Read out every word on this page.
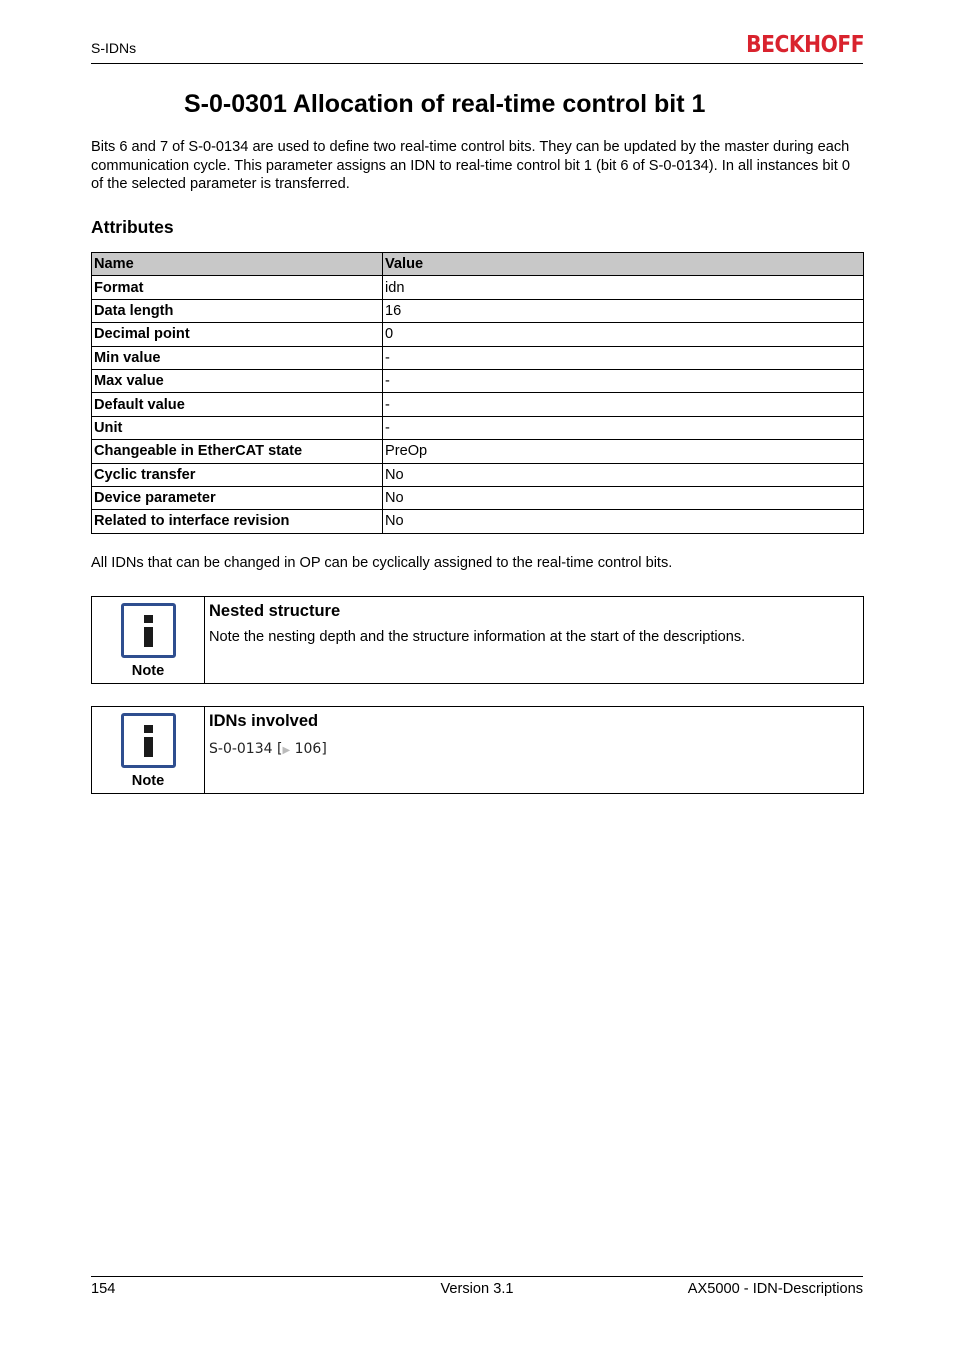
S-IDNs	BECKHOFF
S-0-0301 Allocation of real-time control bit 1

Bits 6 and 7 of S-0-0134 are used to define two real-time control bits. They can be updated by the master during each communication cycle. This parameter assigns an IDN to real-time control bit 1 (bit 6 of S-0-0134). In all instances bit 0 of the selected parameter is transferred.

Attributes
Name	Value
Format	idn
Data length	16
Decimal point	0
Min value	-
Max value	-
Default value	-
Unit	-
Changeable in EtherCAT state	PreOp
Cyclic transfer	No
Device parameter	No
Related to interface revision	No

All IDNs that can be changed in OP can be cyclically assigned to the real-time control bits.

Note
Nested structure
Note the nesting depth and the structure information at the start of the descriptions.
Note
IDNs involved
S-0-0134 [▶ 106]
154	Version 3.1	AX5000 - IDN-Descriptions
